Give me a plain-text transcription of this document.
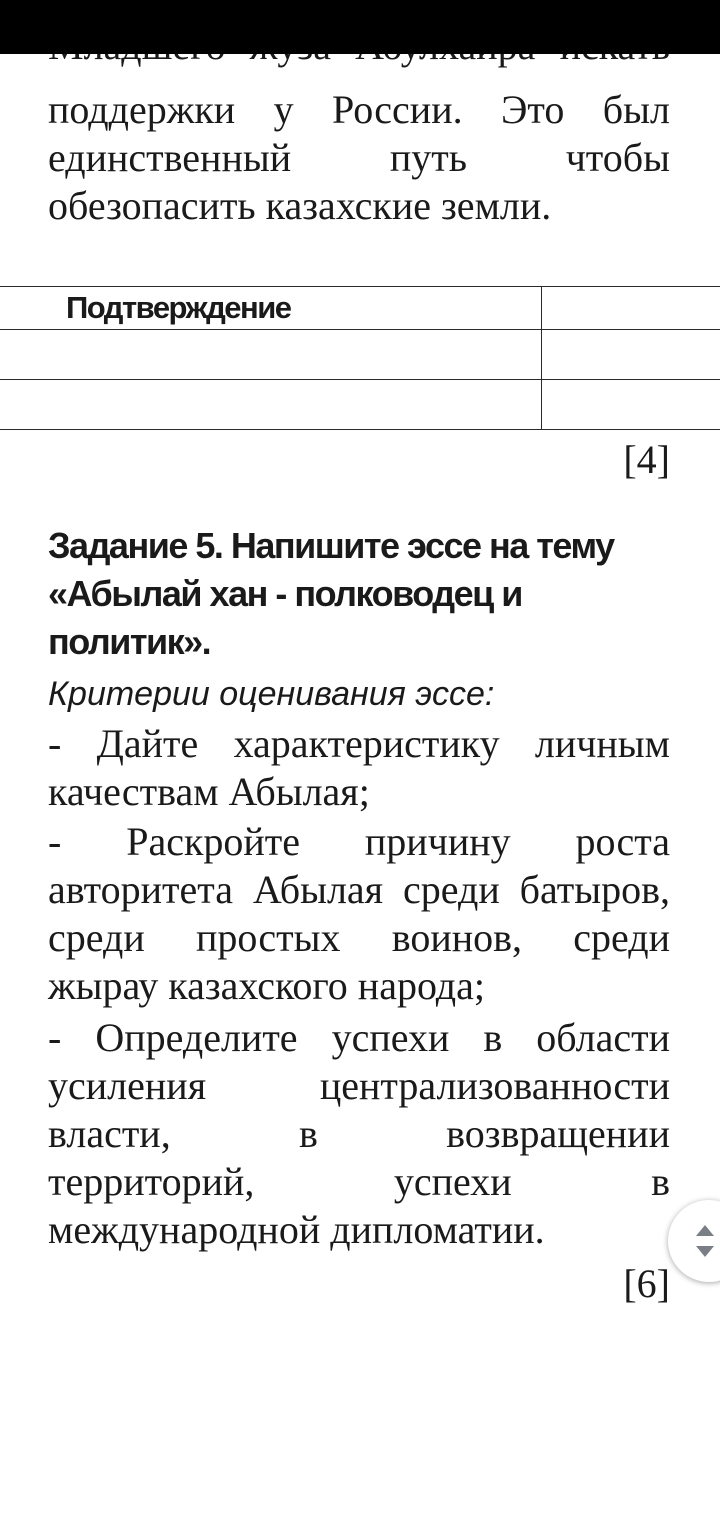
поддержки у России. Это был
единственный путь чтобы
обезопасить казахские земли.
Подтверждение	

[4]
Задание 5. Напишите эссе на тему
«Абылай хан - полководец и
политик».
Критерии оценивания эссе:
- Дайте характеристику личным
качествам Абылая;
- Раскройте причину роста
авторитета Абылая среди батыров,
среди простых воинов, среди
жырау казахского народа;
- Определите успехи в области
усиления централизованности
власти, в возвращении
территорий, успехи в
международной дипломатии.
[6]
